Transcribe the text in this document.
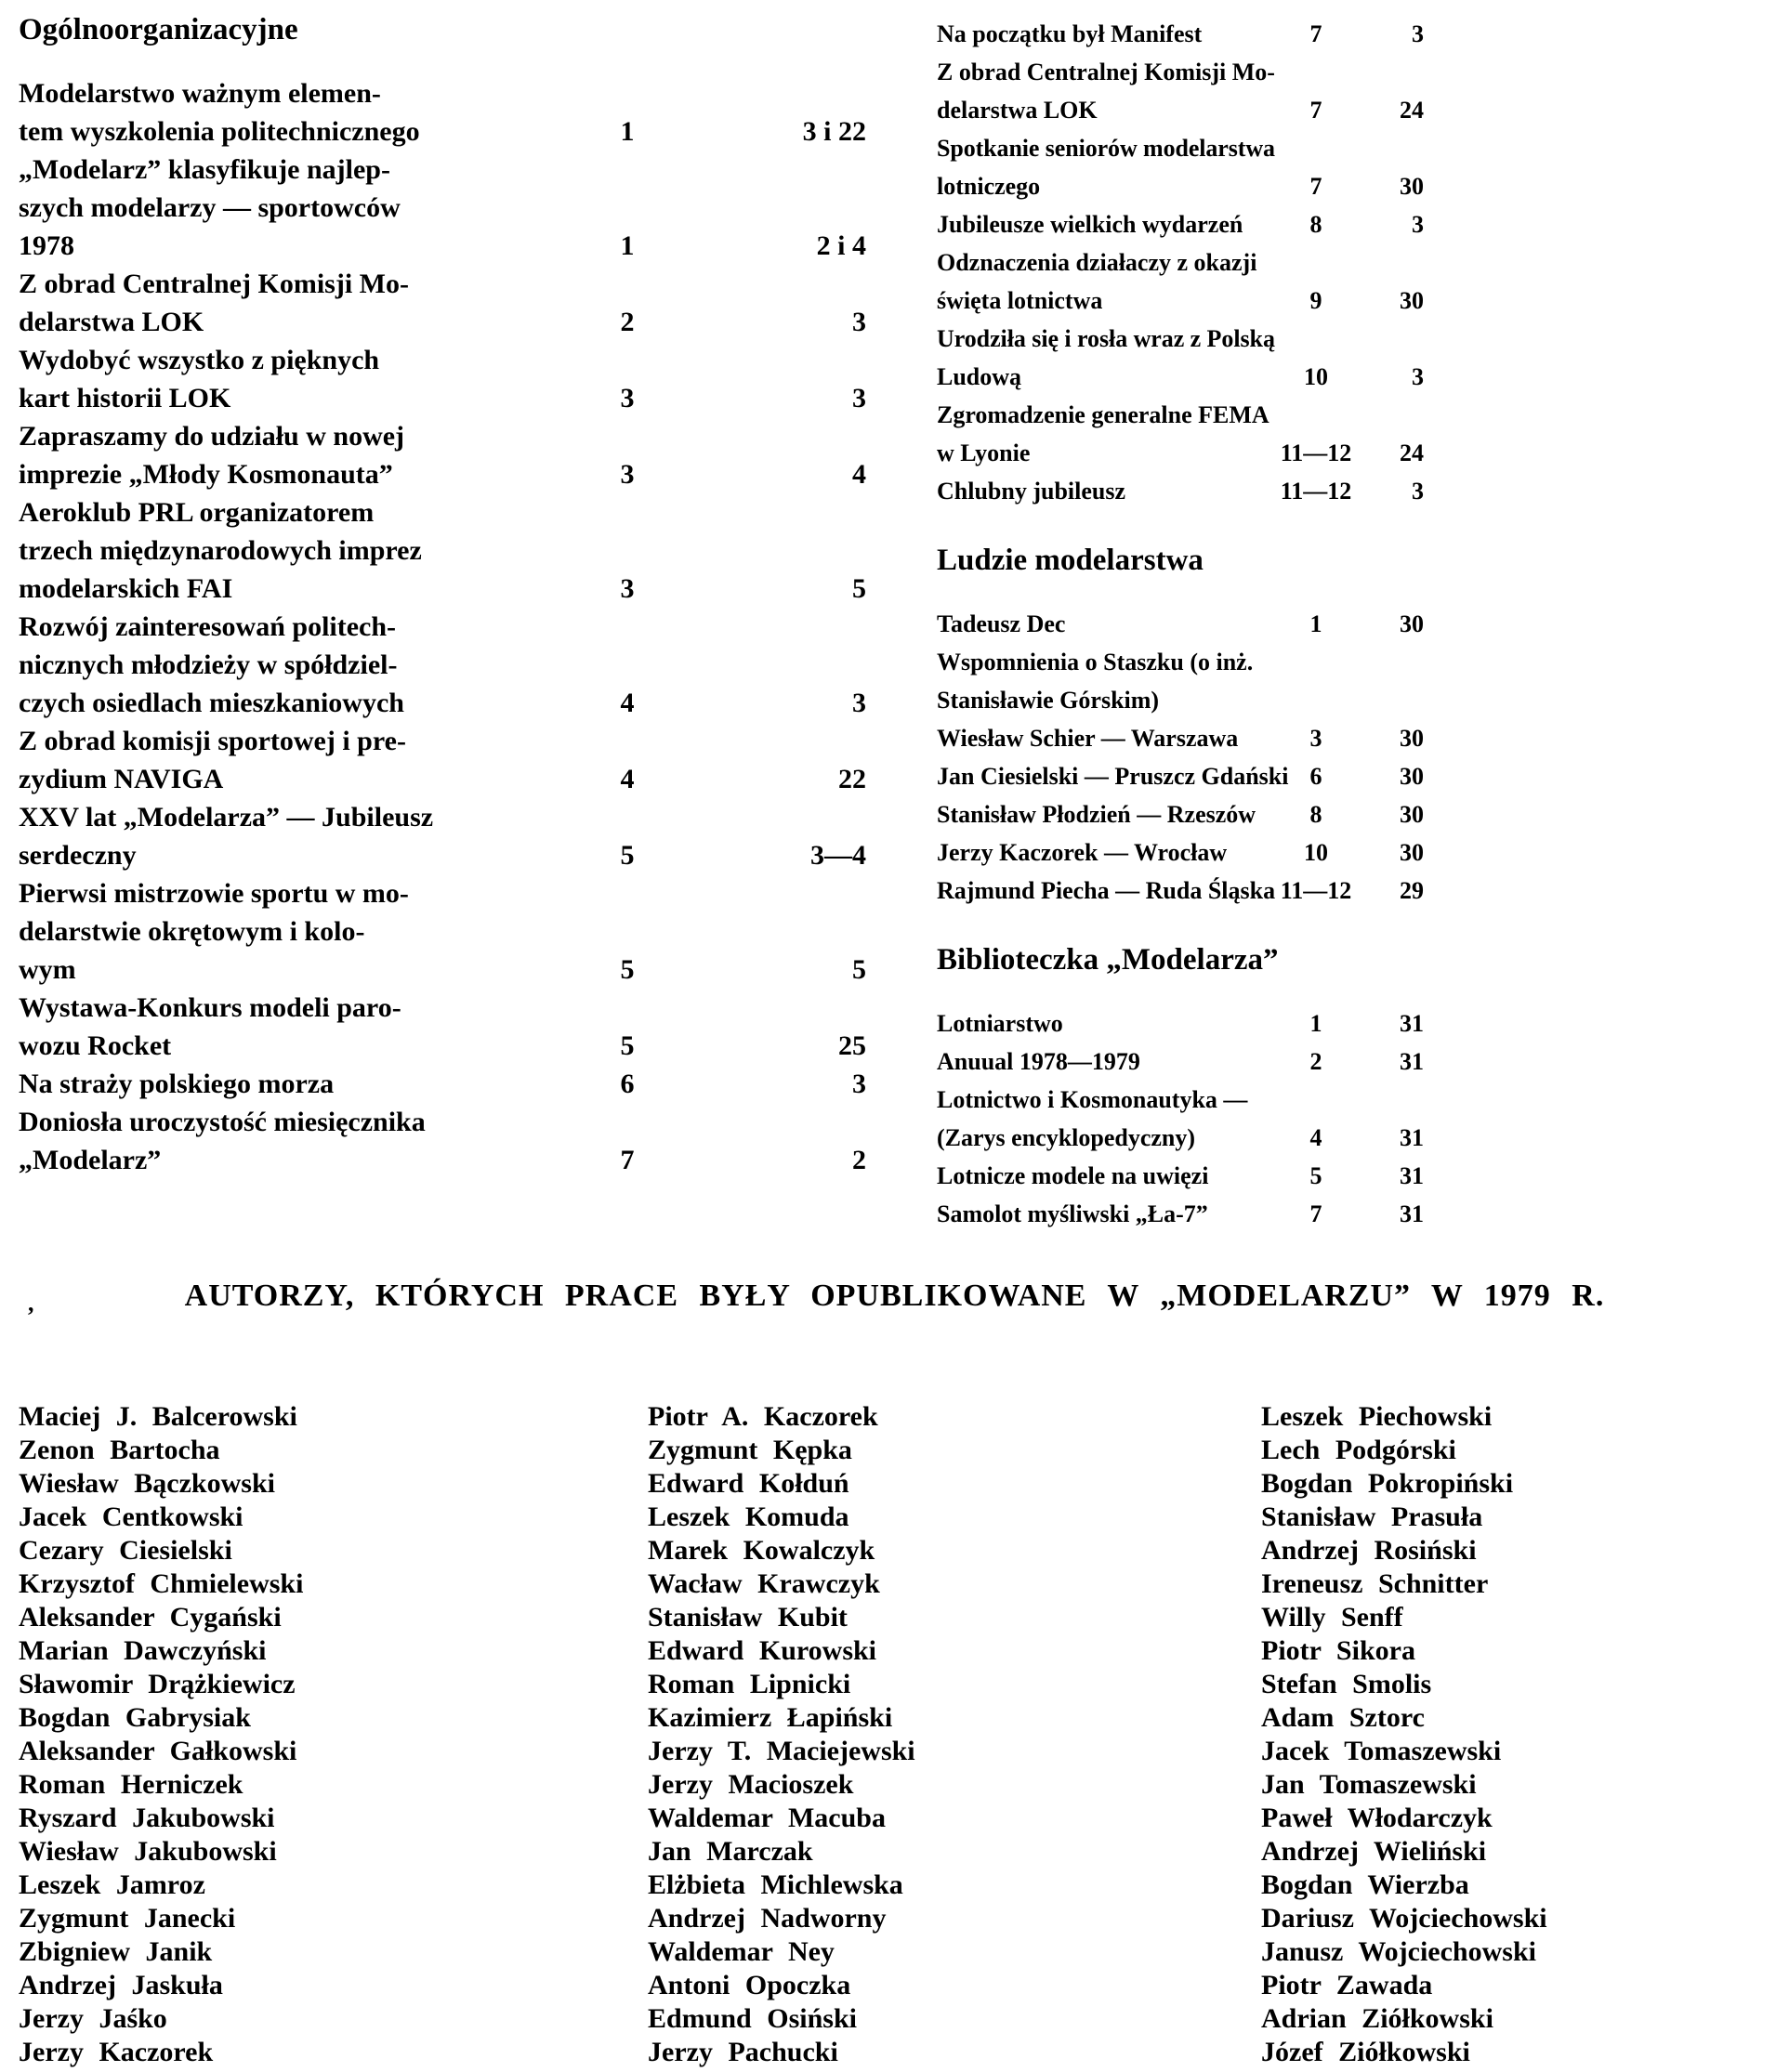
Ogólnoorganizacyjne
Modelarstwo ważnym elemen-
tem wyszkolenia politechnicznego	1	3 i 22
„Modelarz” klasyfikuje najlep-
szych modelarzy — sportowców
1978	1	2 i 4
Z obrad Centralnej Komisji Mo-
delarstwa LOK	2	3
Wydobyć wszystko z pięknych
kart historii LOK	3	3
Zapraszamy do udziału w nowej
imprezie „Młody Kosmonauta”	3	4
Aeroklub PRL organizatorem
trzech międzynarodowych imprez
modelarskich FAI	3	5
Rozwój zainteresowań politech-
nicznych młodzieży w spółdziel-
czych osiedlach mieszkaniowych	4	3
Z obrad komisji sportowej i pre-
zydium NAVIGA	4	22
XXV lat „Modelarza” — Jubileusz
serdeczny	5	3—4
Pierwsi mistrzowie sportu w mo-
delarstwie okrętowym i kolo-
wym	5	5
Wystawa-Konkurs modeli paro-
wozu Rocket	5	25
Na straży polskiego morza	6	3
Doniosła uroczystość miesięcznika
„Modelarz”	7	2
Na początku był Manifest	7	3
Z obrad Centralnej Komisji Mo-
delarstwa LOK	7	24
Spotkanie seniorów modelarstwa
lotniczego	7	30
Jubileusze wielkich wydarzeń	8	3
Odznaczenia działaczy z okazji
święta lotnictwa	9	30
Urodziła się i rosła wraz z Polską
Ludową	10	3
Zgromadzenie generalne FEMA
w Lyonie	11—12	24
Chlubny jubileusz	11—12	3
Ludzie modelarstwa
Tadeusz Dec	1	30
Wspomnienia o Staszku (o inż.
Stanisławie Górskim)
Wiesław Schier — Warszawa	3	30
Jan Ciesielski — Pruszcz Gdański 6	30
Stanisław Płodzień — Rzeszów	8	30
Jerzy Kaczorek — Wrocław	10	30
Rajmund Piecha — Ruda Śląska 11—12	29
Biblioteczka „Modelarza”
Lotniarstwo	1	31
Anuual 1978—1979	2	31
Lotnictwo i Kosmonautyka —
(Zarys encyklopedyczny)	4	31
Lotnicze modele na uwięzi	5	31
Samolot myśliwski „Ła-7”	7	31
,	AUTORZY, KTÓRYCH PRACE BYŁY OPUBLIKOWANE W „MODELARZU” W 1979 R.
Maciej J. Balcerowski
Zenon Bartocha
Wiesław Bączkowski
Jacek Centkowski
Cezary Ciesielski
Krzysztof Chmielewski
Aleksander Cygański
Marian Dawczyński
Sławomir Drążkiewicz
Bogdan Gabrysiak
Aleksander Gałkowski
Roman Herniczek
Ryszard Jakubowski
Wiesław Jakubowski
Leszek Jamroz
Zygmunt Janecki
Zbigniew Janik
Andrzej Jaskuła
Jerzy Jaśko
Jerzy Kaczorek
Piotr A. Kaczorek
Zygmunt Kępka
Edward Kołduń
Leszek Komuda
Marek Kowalczyk
Wacław Krawczyk
Stanisław Kubit
Edward Kurowski
Roman Lipnicki
Kazimierz Łapiński
Jerzy T. Maciejewski
Jerzy Macioszek
Waldemar Macuba
Jan Marczak
Elżbieta Michlewska
Andrzej Nadworny
Waldemar Ney
Antoni Opoczka
Edmund Osiński
Jerzy Pachucki
Leszek Piechowski
Lech Podgórski
Bogdan Pokropiński
Stanisław Prasuła
Andrzej Rosiński
Ireneusz Schnitter
Willy Senff
Piotr Sikora
Stefan Smolis
Adam Sztorc
Jacek Tomaszewski
Jan Tomaszewski
Paweł Włodarczyk
Andrzej Wieliński
Bogdan Wierzba
Dariusz Wojciechowski
Janusz Wojciechowski
Piotr Zawada
Adrian Ziółkowski
Józef Ziółkowski
